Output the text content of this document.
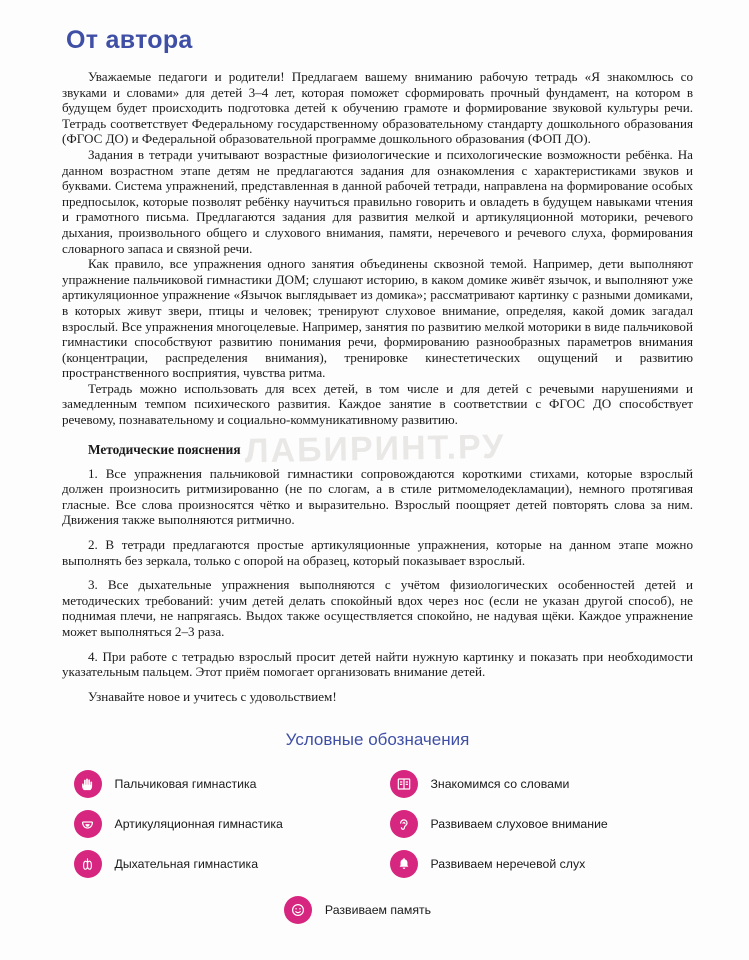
ЛАБИРИНТ.РУ
От автора

Уважаемые педагоги и родители! Предлагаем вашему вниманию рабочую тетрадь «Я знакомлюсь со звуками и словами» для детей 3–4 лет, которая поможет сформировать прочный фундамент, на котором в будущем будет происходить подготовка детей к обучению грамоте и формирование звуковой культуры речи. Тетрадь соответствует Федеральному государственному образовательному стандарту дошкольного образования (ФГОС ДО) и Федеральной образовательной программе дошкольного образования (ФОП ДО).

Задания в тетради учитывают возрастные физиологические и психологические возможности ребёнка. На данном возрастном этапе детям не предлагаются задания для ознакомления с характеристиками звуков и буквами. Система упражнений, представленная в данной рабочей тетради, направлена на формирование особых предпосылок, которые позволят ребёнку научиться правильно говорить и овладеть в будущем навыками чтения и грамотного письма. Предлагаются задания для развития мелкой и артикуляционной моторики, речевого дыхания, произвольного общего и слухового внимания, памяти, неречевого и речевого слуха, формирования словарного запаса и связной речи.

Как правило, все упражнения одного занятия объединены сквозной темой. Например, дети выполняют упражнение пальчиковой гимнастики ДОМ; слушают историю, в каком домике живёт язычок, и выполняют уже артикуляционное упражнение «Язычок выглядывает из домика»; рассматривают картинку с разными домиками, в которых живут звери, птицы и человек; тренируют слуховое внимание, определяя, какой домик загадал взрослый. Все упражнения многоцелевые. Например, занятия по развитию мелкой моторики в виде пальчиковой гимнастики способствуют развитию понимания речи, формированию разнообразных параметров внимания (концентрации, распределения внимания), тренировке кинестетических ощущений и развитию пространственного восприятия, чувства ритма.

Тетрадь можно использовать для всех детей, в том числе и для детей с речевыми нарушениями и замедленным темпом психического развития. Каждое занятие в соответствии с ФГОС ДО способствует речевому, познавательному и социально-коммуникативному развитию.

Методические пояснения

1. Все упражнения пальчиковой гимнастики сопровождаются короткими стихами, которые взрослый должен произносить ритмизированно (не по слогам, а в стиле ритмомелодекламации), немного протягивая гласные. Все слова произносятся чётко и выразительно. Взрослый поощряет детей повторять слова за ним. Движения также выполняются ритмично.

2. В тетради предлагаются простые артикуляционные упражнения, которые на данном этапе можно выполнять без зеркала, только с опорой на образец, который показывает взрослый.

3. Все дыхательные упражнения выполняются с учётом физиологических особенностей детей и методических требований: учим детей делать спокойный вдох через нос (если не указан другой способ), не поднимая плечи, не напрягаясь. Выдох также осуществляется спокойно, не надувая щёки. Каждое упражнение может выполняться 2–3 раза.

4. При работе с тетрадью взрослый просит детей найти нужную картинку и показать при необходимости указательным пальцем. Этот приём помогает организовать внимание детей.

Узнавайте новое и учитесь с удовольствием!

Условные обозначения
Пальчиковая гимнастика	Знакомимся со словами
Артикуляционная гимнастика	Развиваем слуховое внимание
Дыхательная гимнастика	Развиваем неречевой слух
Развиваем память
